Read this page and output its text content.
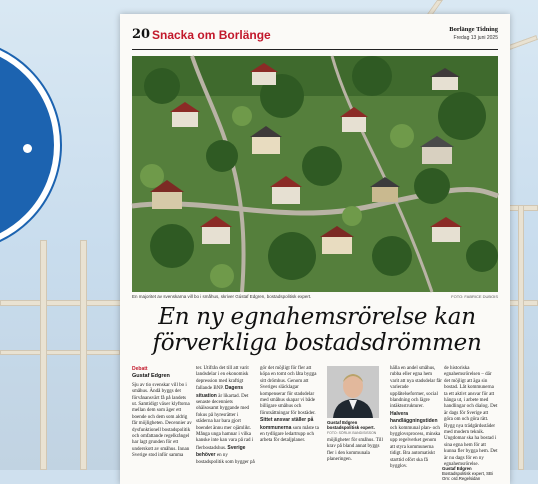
20 Snacka om Borlänge	Borlänge Tidning
Fredag 13 juni 2025
En majoritet av svenskarna vill bo i småhus, skriver Gústaf Edgren, bostadspolitisk expert.	FOTO: FABRICE DUBOIS
En ny egnahemsrörelse kan
förverkliga bostadsdrömmen
Debatt
Gustaf Edgren
Sju av tio svenskar vill bo i småhus. Ändå byggs det förvånansvärt få på landets ut. Samtidigt växer klyftorna mellan dem som äger ett boende och dem som aldrig får möjligheten. Decennier av dysfunktionell bostadspolitik och omfattande regelkrångel har lagt grunden för ett underskott av småhus. Innan Sverige stod inför samma
ter. Utifrån det till att varit landsdelar i en ekonomisk depression med kraftigt fallande BNP. Dagens situation är likartad. Det senaste decenniets ohälsosamt byggande med fokus på hyresrätter i städerna har bara gjort boendet ännu mer ojämlikt. Många unga hamnar i vilka kanske inte kan vara på rad i flerbostadshus. Sverige behöver en ny bostadspolitik som bygger på
gör det möjligt för fler att köpa en tomt och låta bygga sitt drömhus. Genom att Sveriges släcklagar kompenserar för stadsdelar med småhus skapar vi både billigare småhus och förutsättningar för bostäder. Sittet ansvar ställer på kommunerna som måste ta en tydligare ledartrupp och arbeta för detaljplaner.
Gustaf Edgren bostadspolitisk expert.
FOTO: SÖRLIK BAND/SISSON
möjligheter för småhus. Till krav på bland annat byggs fler i den kommunala planeringen.
hälla en andel småhus, rubba eller egna hem varit att nya stadsdelar får varierade upplåtelseformer, social blandning och lägre intäktsstrukturer. Halvera handläggningstiden och kommunal plan- och bygglovsprocess, minska upp regelverket genom att styra kommunerna tidigt. Bra automatiskt starttid ofört ska få bygglov.
de historiska egnahemsrörelsen – där det möjligt att äga sin bostad. Låt kommunerna ta ett aktivt ansvar för att hänga ut, i arbete med handlingar och dialog. Det är dags för Sverige att göra om och göra rätt. Bygg nya trädgårdsstäder med modern teknik. Ungdomar ska ha bostad i sina egna hem för att kunna fler bygga hem. Det är nu dags för en ny egnahemsrörelse.
Gustaf Edgren
Bostadspolitisk expert, SBi
Om: ord.Regelsidan
